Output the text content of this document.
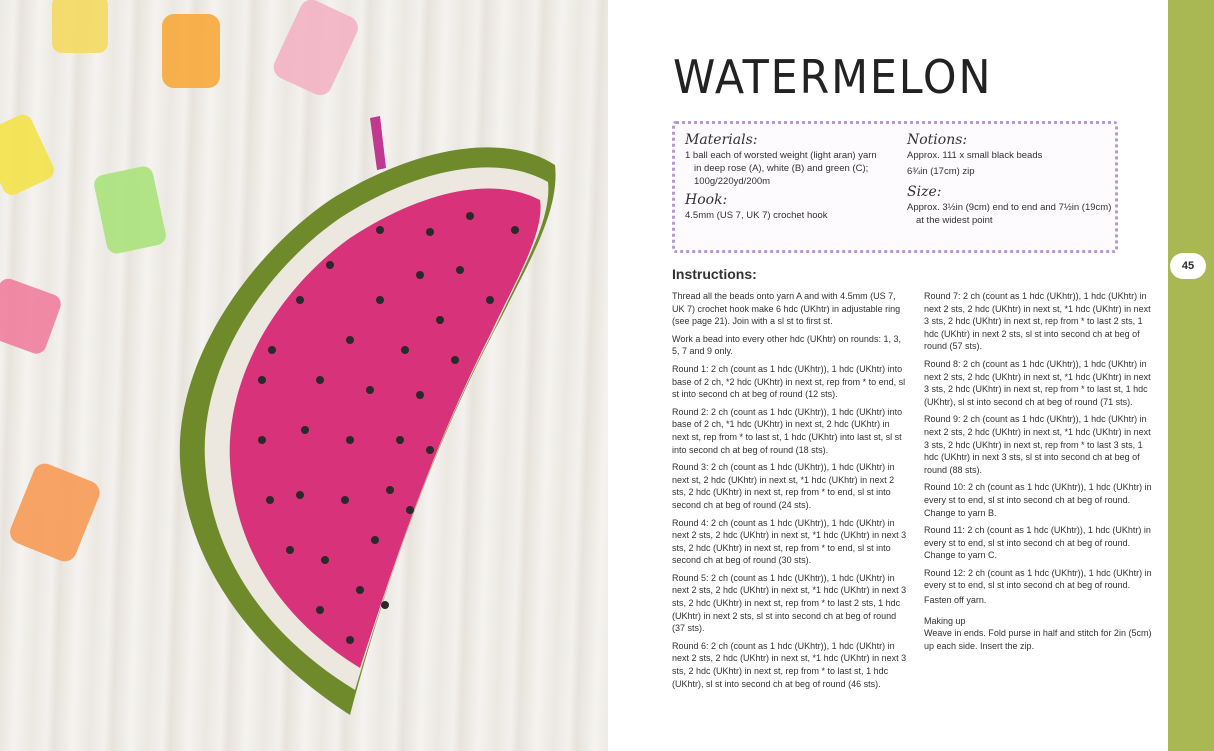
45
WATERMELON
Materials:
1 ball each of worsted weight (light aran) yarn
in deep rose (A), white (B) and green (C);
100g/220yd/200m
Hook:
4.5mm (US 7, UK 7) crochet hook
Notions:
Approx. 111 x small black beads
6¾in (17cm) zip
Size:
Approx. 3½in (9cm) end to end and 7½in (19cm)
at the widest point
Instructions:

Thread all the beads onto yarn A and with 4.5mm (US 7, UK 7) crochet hook make 6 hdc (UKhtr) in adjustable ring (see page 21). Join with a sl st to first st.

Work a bead into every other hdc (UKhtr) on rounds: 1, 3, 5, 7 and 9 only.

Round 1: 2 ch (count as 1 hdc (UKhtr)), 1 hdc (UKhtr) into base of 2 ch, *2 hdc (UKhtr) in next st, rep from * to end, sl st into second ch at beg of round (12 sts).

Round 2: 2 ch (count as 1 hdc (UKhtr)), 1 hdc (UKhtr) into base of 2 ch, *1 hdc (UKhtr) in next st, 2 hdc (UKhtr) in next st, rep from * to last st, 1 hdc (UKhtr) into last st, sl st into second ch at beg of round (18 sts).

Round 3: 2 ch (count as 1 hdc (UKhtr)), 1 hdc (UKhtr) in next st, 2 hdc (UKhtr) in next st, *1 hdc (UKhtr) in next 2 sts, 2 hdc (UKhtr) in next st, rep from * to end, sl st into second ch at beg of round (24 sts).

Round 4: 2 ch (count as 1 hdc (UKhtr)), 1 hdc (UKhtr) in next 2 sts, 2 hdc (UKhtr) in next st, *1 hdc (UKhtr) in next 3 sts, 2 hdc (UKhtr) in next st, rep from * to end, sl st into second ch at beg of round (30 sts).

Round 5: 2 ch (count as 1 hdc (UKhtr)), 1 hdc (UKhtr) in next 2 sts, 2 hdc (UKhtr) in next st, *1 hdc (UKhtr) in next 3 sts, 2 hdc (UKhtr) in next st, rep from * to last 2 sts, 1 hdc (UKhtr) in next 2 sts, sl st into second ch at beg of round (37 sts).

Round 6: 2 ch (count as 1 hdc (UKhtr)), 1 hdc (UKhtr) in next 2 sts, 2 hdc (UKhtr) in next st, *1 hdc (UKhtr) in next 3 sts, 2 hdc (UKhtr) in next st, rep from * to last st, 1 hdc (UKhtr), sl st into second ch at beg of round (46 sts).

Round 7: 2 ch (count as 1 hdc (UKhtr)), 1 hdc (UKhtr) in next 2 sts, 2 hdc (UKhtr) in next st, *1 hdc (UKhtr) in next 3 sts, 2 hdc (UKhtr) in next st, rep from * to last 2 sts, 1 hdc (UKhtr) in next 2 sts, sl st into second ch at beg of round (57 sts).

Round 8: 2 ch (count as 1 hdc (UKhtr)), 1 hdc (UKhtr) in next 2 sts, 2 hdc (UKhtr) in next st, *1 hdc (UKhtr) in next 3 sts, 2 hdc (UKhtr) in next st, rep from * to last st, 1 hdc (UKhtr), sl st into second ch at beg of round (71 sts).

Round 9: 2 ch (count as 1 hdc (UKhtr)), 1 hdc (UKhtr) in next 2 sts, 2 hdc (UKhtr) in next st, *1 hdc (UKhtr) in next 3 sts, 2 hdc (UKhtr) in next st, rep from * to last 3 sts, 1 hdc (UKhtr) in next 3 sts, sl st into second ch at beg of round (88 sts).

Round 10: 2 ch (count as 1 hdc (UKhtr)), 1 hdc (UKhtr) in every st to end, sl st into second ch at beg of round. Change to yarn B.

Round 11: 2 ch (count as 1 hdc (UKhtr)), 1 hdc (UKhtr) in every st to end, sl st into second ch at beg of round. Change to yarn C.

Round 12: 2 ch (count as 1 hdc (UKhtr)), 1 hdc (UKhtr) in every st to end, sl st into second ch at beg of round.

Fasten off yarn.

Making up

Weave in ends. Fold purse in half and stitch for 2in (5cm) up each side. Insert the zip.
